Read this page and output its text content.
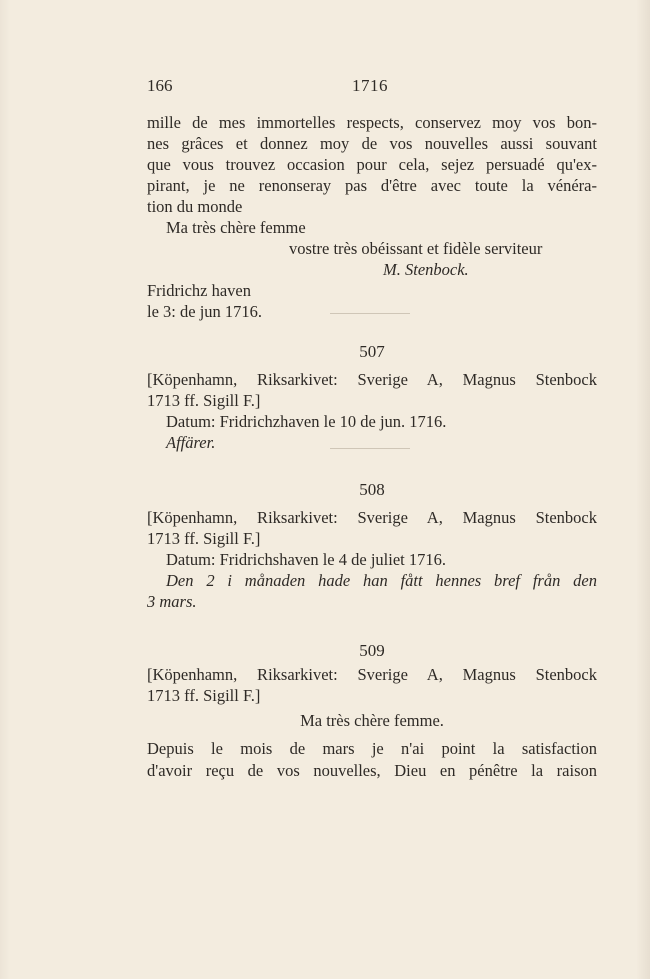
166	1716
mille de mes immortelles respects, conservez moy vos bon-
nes grâces et donnez moy de vos nouvelles aussi souvant
que vous trouvez occasion pour cela, sejez persuadé qu'ex-
pirant, je ne renonseray pas d'être avec toute la vénéra-
tion du monde
Ma très chère femme
vostre très obéissant et fidèle serviteur
M. Stenbock.
Fridrichz haven
le 3: de jun 1716.
507
[Köpenhamn, Riksarkivet: Sverige A, Magnus Stenbock
1713 ff. Sigill F.]
Datum: Fridrichzhaven le 10 de jun. 1716.
Affärer.
508
[Köpenhamn, Riksarkivet: Sverige A, Magnus Stenbock
1713 ff. Sigill F.]
Datum: Fridrichshaven le 4 de juliet 1716.
Den 2 i månaden hade han fått hennes bref från den
3 mars.
509
[Köpenhamn, Riksarkivet: Sverige A, Magnus Stenbock
1713 ff. Sigill F.]
Ma très chère femme.
Depuis le mois de mars je n'ai point la satisfaction
d'avoir reçu de vos nouvelles, Dieu en pénêtre la raison
